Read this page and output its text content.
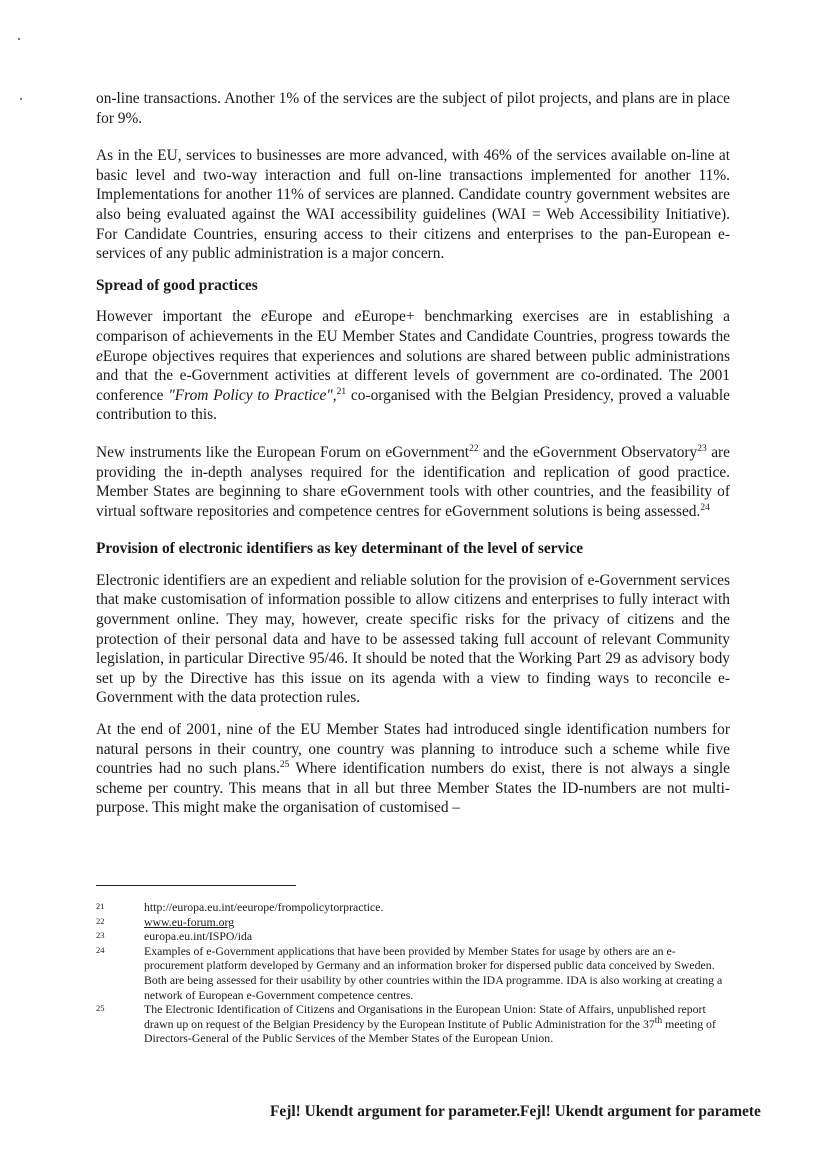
on-line transactions. Another 1% of the services are the subject of pilot projects, and plans are in place for 9%.

As in the EU, services to businesses are more advanced, with 46% of the services available on-line at basic level and two-way interaction and full on-line transactions implemented for another 11%. Implementations for another 11% of services are planned. Candidate country government websites are also being evaluated against the WAI accessibility guidelines (WAI = Web Accessibility Initiative). For Candidate Countries, ensuring access to their citizens and enterprises to the pan-European e-services of any public administration is a major concern.

Spread of good practices

However important the eEurope and eEurope+ benchmarking exercises are in establishing a comparison of achievements in the EU Member States and Candidate Countries, progress towards the eEurope objectives requires that experiences and solutions are shared between public administrations and that the e-Government activities at different levels of government are co-ordinated. The 2001 conference "From Policy to Practice",$^{21}$ co-organised with the Belgian Presidency, proved a valuable contribution to this.

New instruments like the European Forum on eGovernment$^{22}$ and the eGovernment Observatory$^{23}$ are providing the in-depth analyses required for the identification and replication of good practice. Member States are beginning to share eGovernment tools with other countries, and the feasibility of virtual software repositories and competence centres for eGovernment solutions is being assessed.$^{24}$

Provision of electronic identifiers as key determinant of the level of service

Electronic identifiers are an expedient and reliable solution for the provision of e-Government services that make customisation of information possible to allow citizens and enterprises to fully interact with government online. They may, however, create specific risks for the privacy of citizens and the protection of their personal data and have to be assessed taking full account of relevant Community legislation, in particular Directive 95/46. It should be noted that the Working Part 29 as advisory body set up by the Directive has this issue on its agenda with a view to finding ways to reconcile e-Government with the data protection rules.

At the end of 2001, nine of the EU Member States had introduced single identification numbers for natural persons in their country, one country was planning to introduce such a scheme while five countries had no such plans.$^{25}$ Where identification numbers do exist, there is not always a single scheme per country. This means that in all but three Member States the ID-numbers are not multi-purpose. This might make the organisation of customised –

21	http://europa.eu.int/eeurope/frompolicytorpractice.
22	www.eu-forum.org
23	europa.eu.int/ISPO/ida
24	Examples of e-Government applications that have been provided by Member States for usage by others are an e-procurement platform developed by Germany and an information broker for dispersed public data conceived by Sweden. Both are being assessed for their usability by other countries within the IDA programme. IDA is also working at creating a network of European e-Government competence centres.
25	The Electronic Identification of Citizens and Organisations in the European Union: State of Affairs, unpublished report drawn up on request of the Belgian Presidency by the European Institute of Public Administration for the 37th meeting of Directors-General of the Public Services of the Member States of the European Union.
Fejl! Ukendt argument for parameter.Fejl! Ukendt argument for paramete
